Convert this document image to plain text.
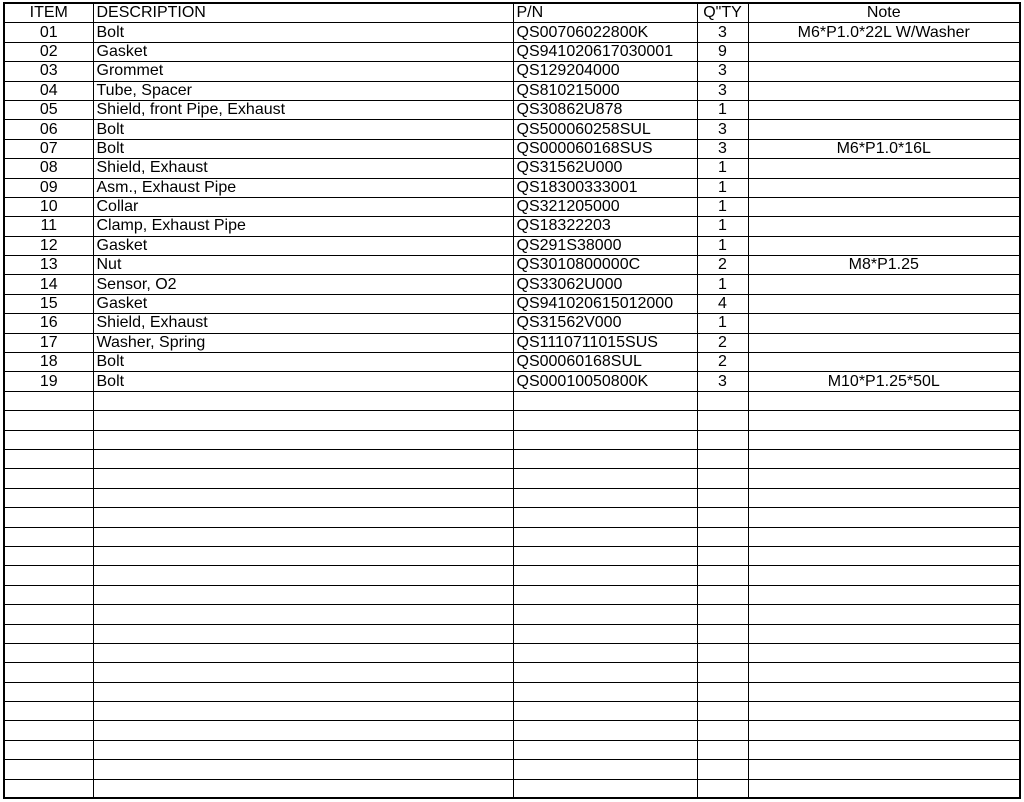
ITEM	DESCRIPTION	P/N	Q"TY	Note
01	Bolt	QS00706022800K	3	M6*P1.0*22L W/Washer
02	Gasket	QS941020617030001	9	
03	Grommet	QS129204000	3	
04	Tube, Spacer	QS810215000	3	
05	Shield, front Pipe, Exhaust	QS30862U878	1	
06	Bolt	QS500060258SUL	3	
07	Bolt	QS000060168SUS	3	M6*P1.0*16L
08	Shield, Exhaust	QS31562U000	1	
09	Asm., Exhaust Pipe	QS18300333001	1	
10	Collar	QS321205000	1	
11	Clamp, Exhaust Pipe	QS18322203	1	
12	Gasket	QS291S38000	1	
13	Nut	QS3010800000C	2	M8*P1.25
14	Sensor, O2	QS33062U000	1	
15	Gasket	QS941020615012000	4	
16	Shield, Exhaust	QS31562V000	1	
17	Washer, Spring	QS1110711015SUS	2	
18	Bolt	QS00060168SUL	2	
19	Bolt	QS00010050800K	3	M10*P1.25*50L
